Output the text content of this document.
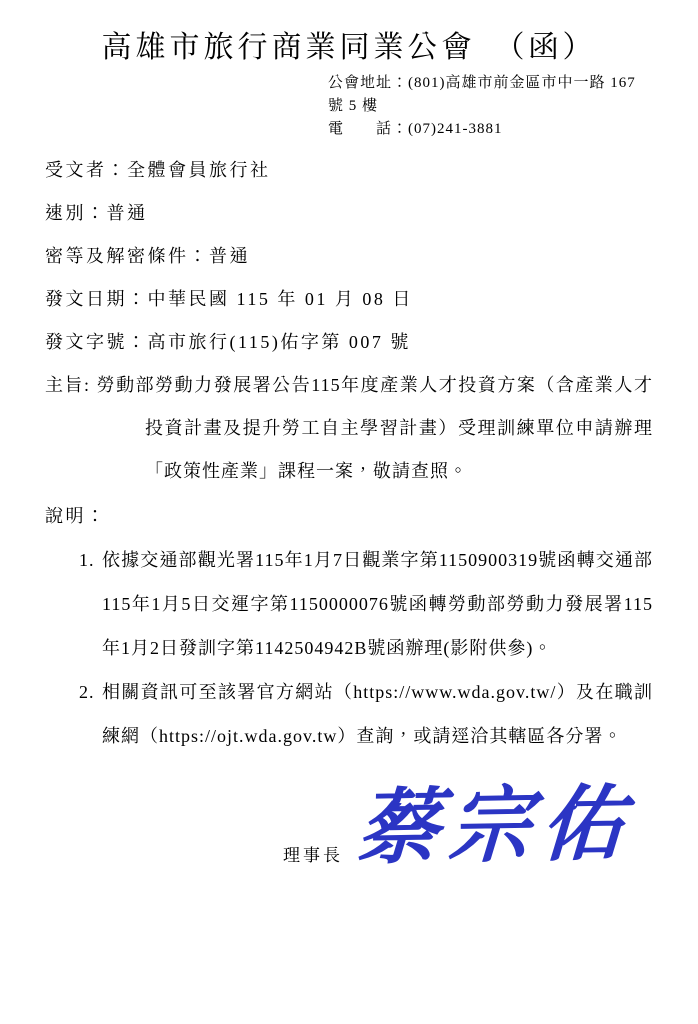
高雄市旅行商業同業公會　（函）
公會地址：(801)高雄市前金區市中一路 167 號 5 樓
電　　話：(07)241-3881
受文者：全體會員旅行社
速別：普通
密等及解密條件：普通
發文日期：中華民國 115 年 01 月 08 日
發文字號：高市旅行(115)佑字第 007 號
主旨: 勞動部勞動力發展署公告115年度產業人才投資方案（含產業人才投資計畫及提升勞工自主學習計畫）受理訓練單位申請辦理「政策性產業」課程一案，敬請查照。
說明：
1. 依據交通部觀光署115年1月7日觀業字第1150900319號函轉交通部115年1月5日交運字第1150000076號函轉勞動部勞動力發展署115年1月2日發訓字第1142504942B號函辦理(影附供參)。
2. 相關資訊可至該署官方網站（https://www.wda.gov.tw/）及在職訓練網（https://ojt.wda.gov.tw）查詢，或請逕洽其轄區各分署。
理事長 蔡宗佑
